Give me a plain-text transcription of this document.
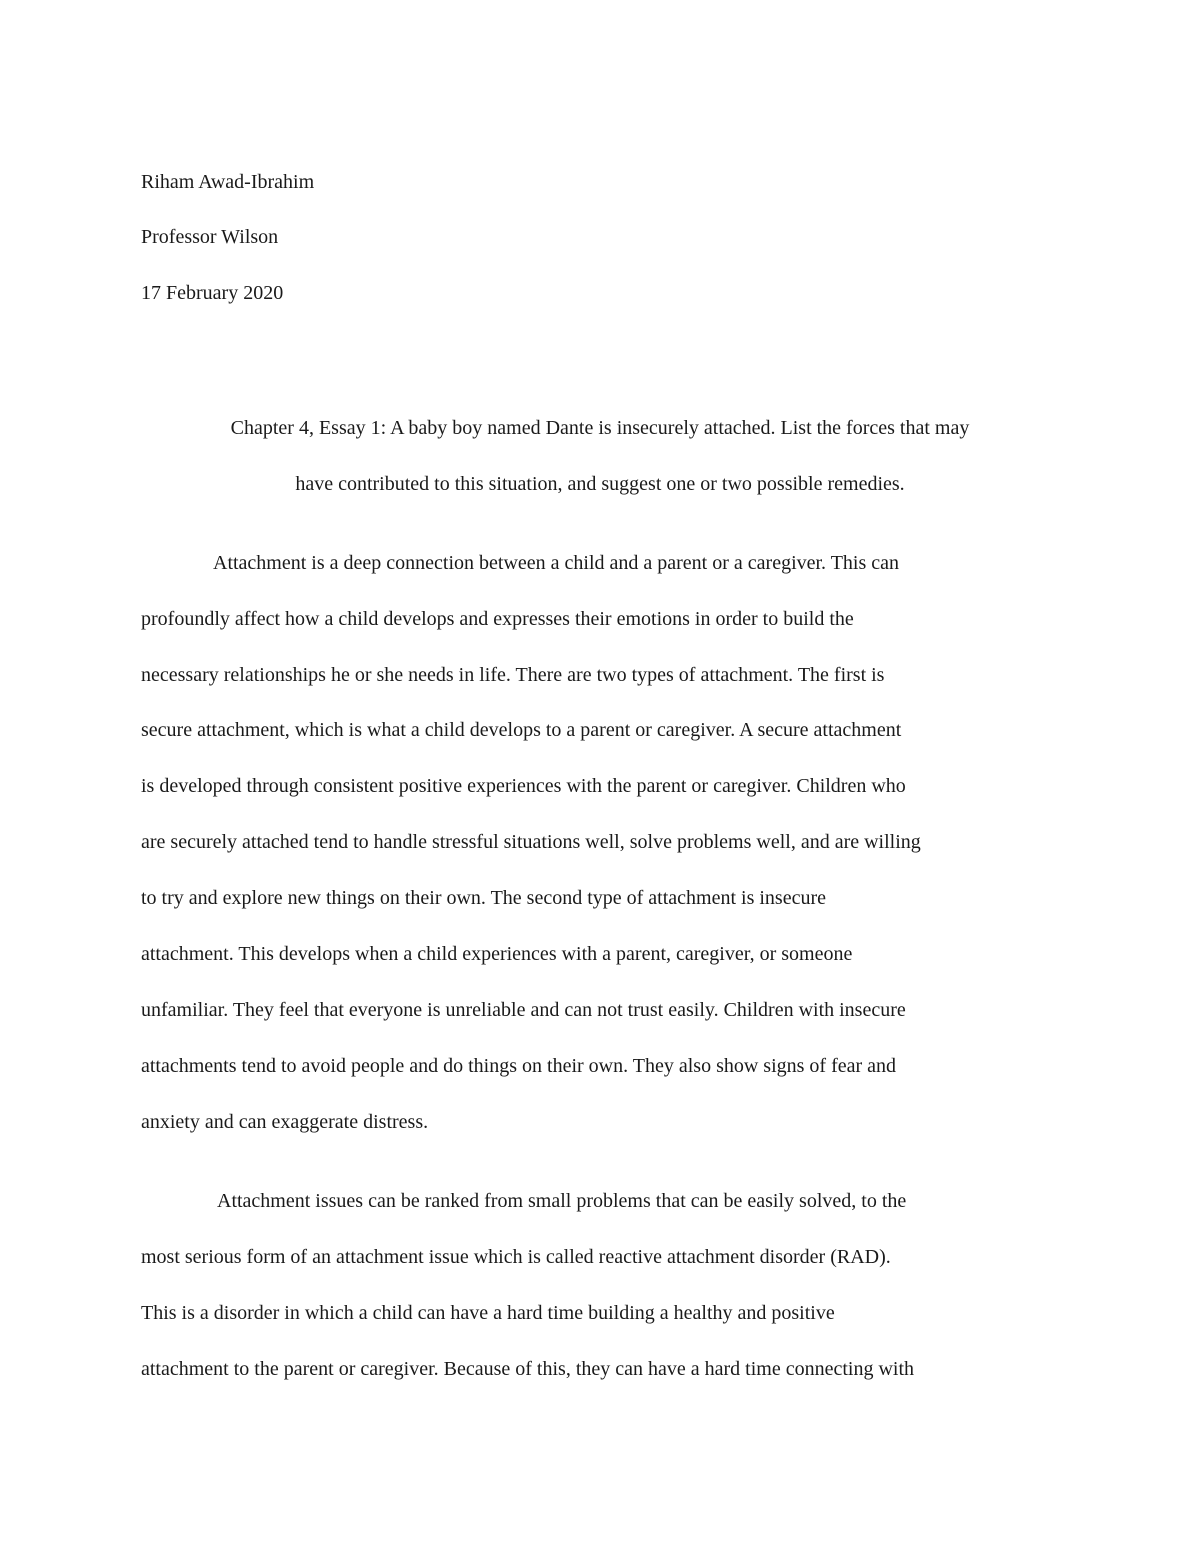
Riham Awad-Ibrahim
Professor Wilson
17 February 2020
Chapter 4, Essay 1: A baby boy named Dante is insecurely attached. List the forces that may
have contributed to this situation, and suggest one or two possible remedies.
Attachment is a deep connection between a child and a parent or a caregiver. This can
profoundly affect how a child develops and expresses their emotions in order to build the
necessary relationships he or she needs in life. There are two types of attachment. The first is
secure attachment, which is what a child develops to a parent or caregiver. A secure attachment
is developed through consistent positive experiences with the parent or caregiver. Children who
are securely attached tend to handle stressful situations well, solve problems well, and are willing
to try and explore new things on their own. The second type of attachment is insecure
attachment. This develops when a child experiences with a parent, caregiver, or someone
unfamiliar. They feel that everyone is unreliable and can not trust easily. Children with insecure
attachments tend to avoid people and do things on their own. They also show signs of fear and
anxiety and can exaggerate distress.
Attachment issues can be ranked from small problems that can be easily solved, to the
most serious form of an attachment issue which is called reactive attachment disorder (RAD).
This is a disorder in which a child can have a hard time building a healthy and positive
attachment to the parent or caregiver. Because of this, they can have a hard time connecting with
